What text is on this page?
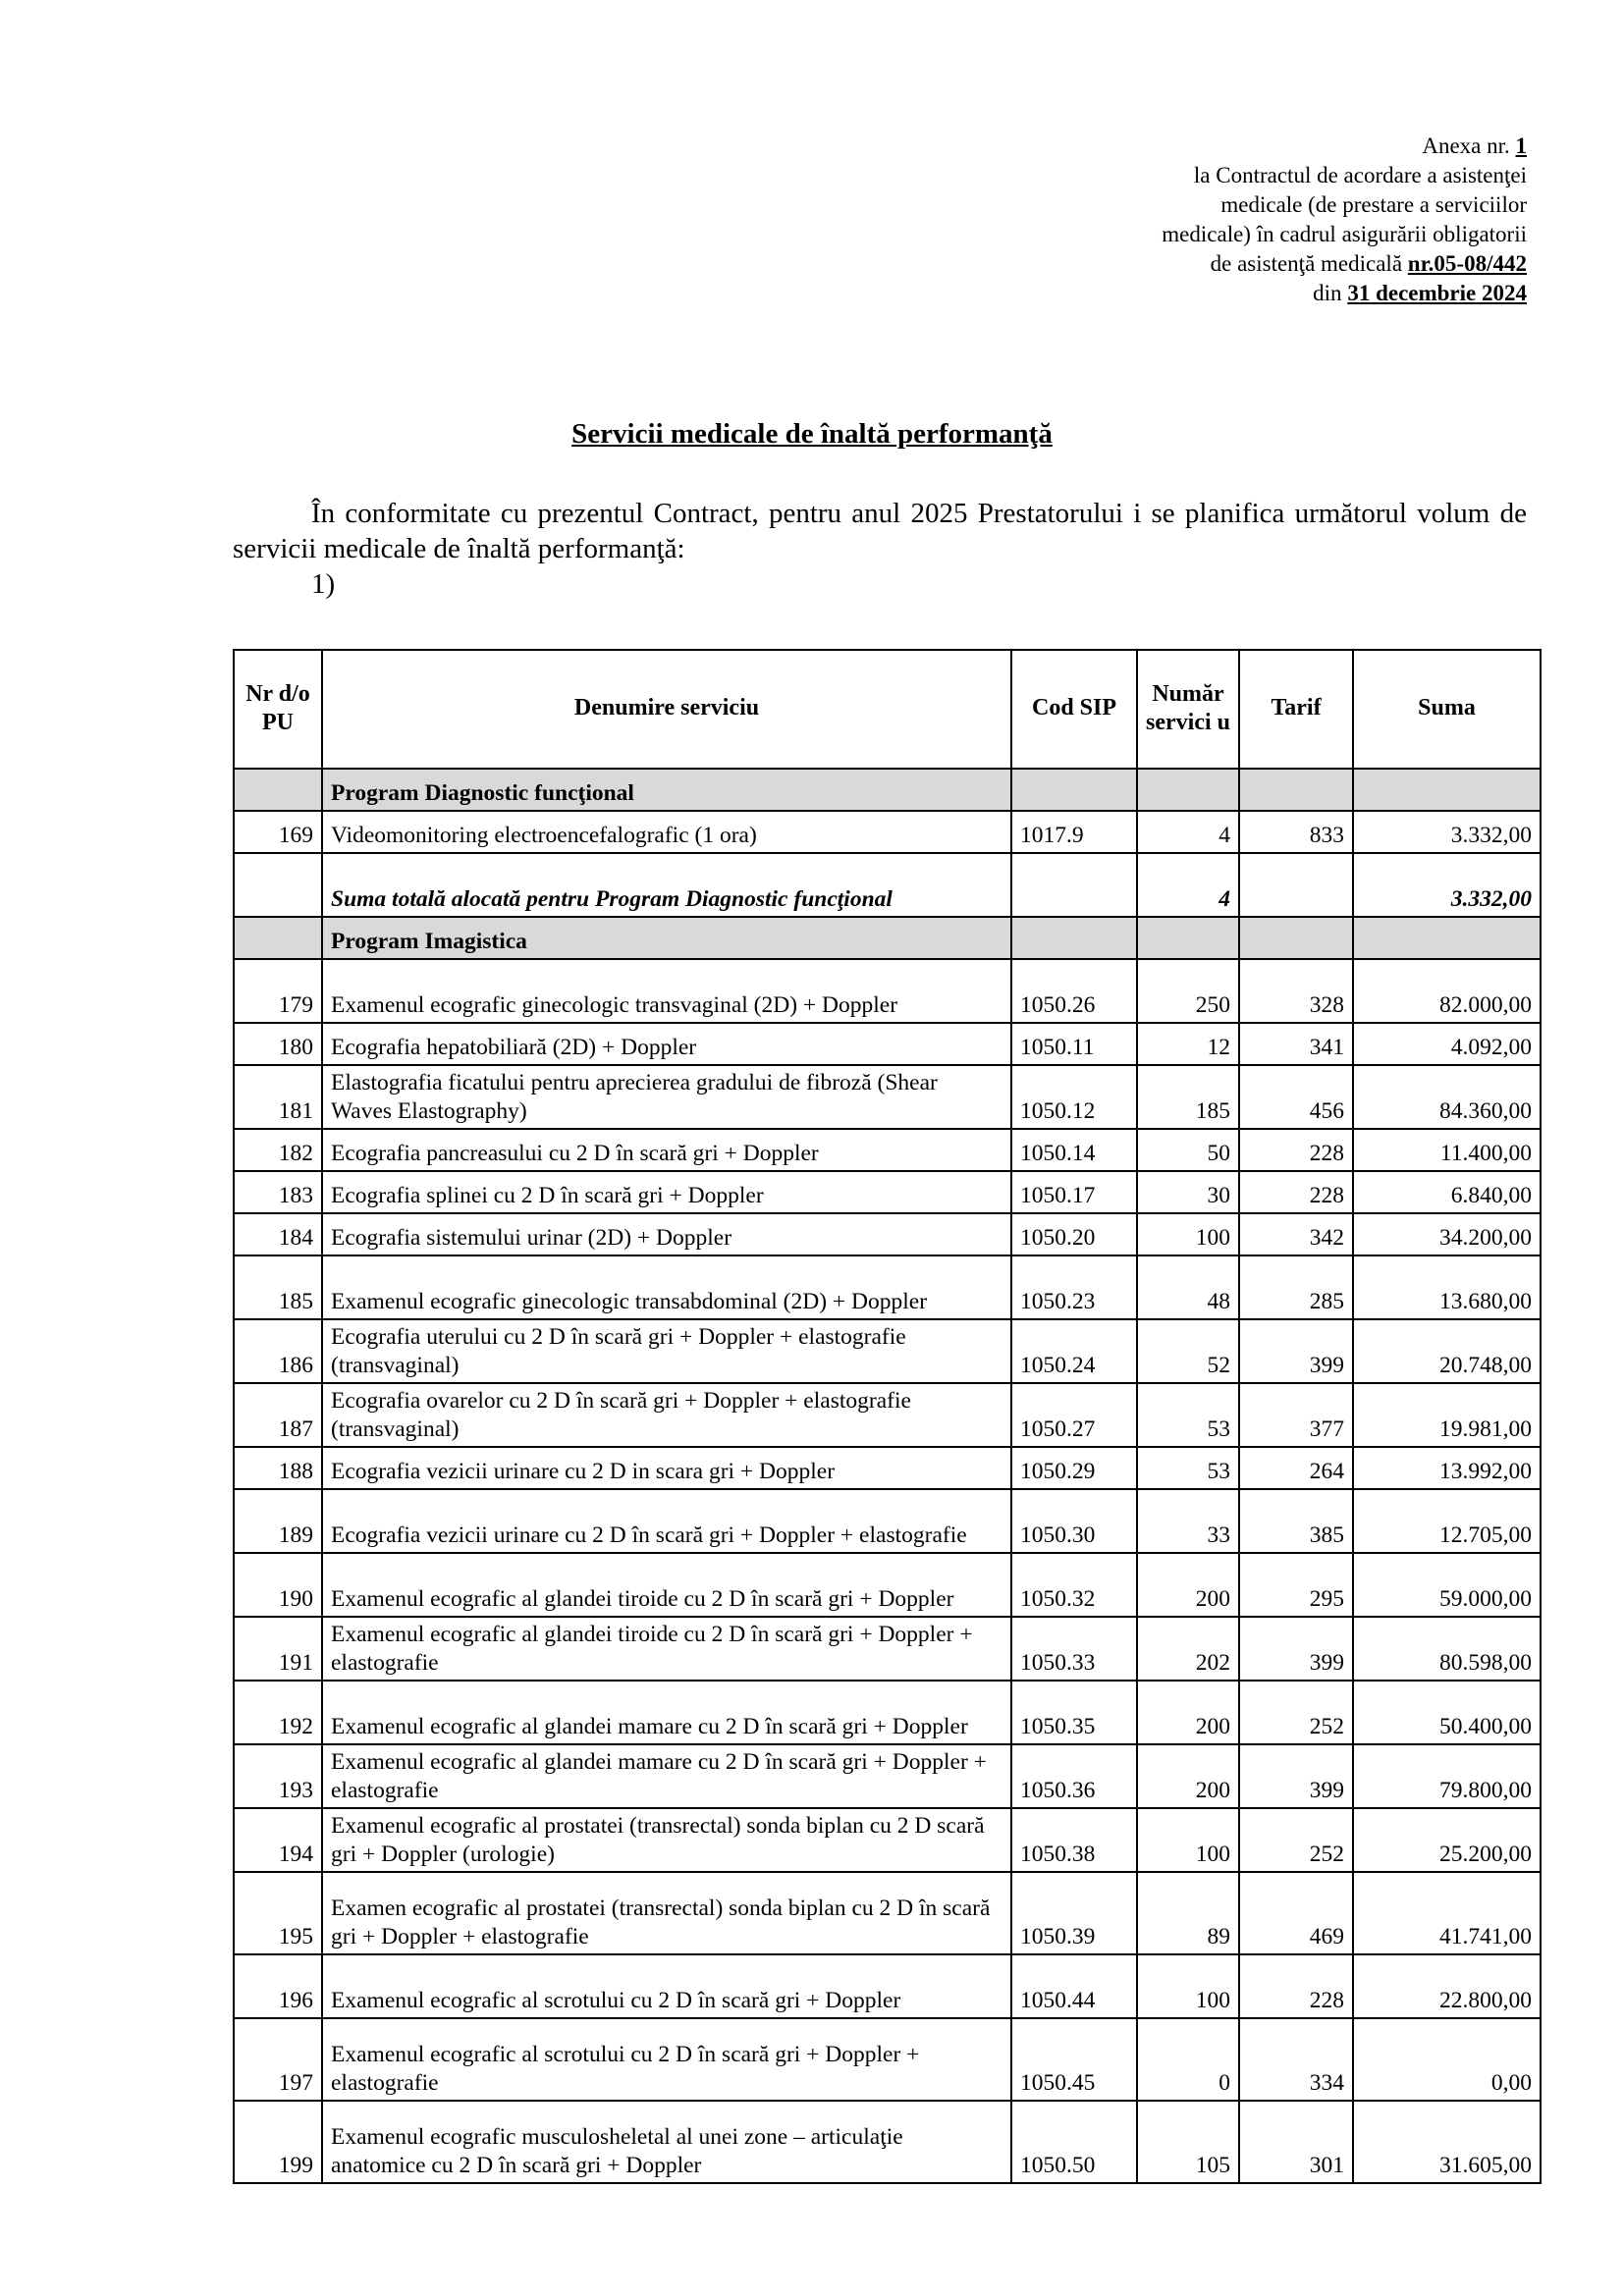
Anexa nr. 1
la Contractul de acordare a asistenţei
medicale (de prestare a serviciilor
medicale) în cadrul asigurării obligatorii
de asistenţă medicală nr.05-08/442
din 31 decembrie 2024
Servicii medicale de înaltă performanţă
În conformitate cu prezentul Contract, pentru anul 2025 Prestatorului i se planifica următorul volum de servicii medicale de înaltă performanţă:
1)
Nr d/o PU	Denumire serviciu	Cod SIP	Număr servici u	Tarif	Suma
	Program Diagnostic funcţional				
169	Videomonitoring electroencefalografic (1 ora)	1017.9	4	833	3.332,00
	Suma totală alocată pentru Program Diagnostic funcţional		4		3.332,00
	Program Imagistica				
179	Examenul ecografic ginecologic transvaginal (2D) + Doppler	1050.26	250	328	82.000,00
180	Ecografia hepatobiliară (2D) + Doppler	1050.11	12	341	4.092,00
181	Elastografia ficatului pentru aprecierea gradului de fibroză (Shear Waves Elastography)	1050.12	185	456	84.360,00
182	Ecografia pancreasului cu 2 D în scară gri + Doppler	1050.14	50	228	11.400,00
183	Ecografia splinei cu 2 D în scară gri + Doppler	1050.17	30	228	6.840,00
184	Ecografia sistemului urinar (2D) + Doppler	1050.20	100	342	34.200,00
185	Examenul ecografic ginecologic transabdominal (2D) + Doppler	1050.23	48	285	13.680,00
186	Ecografia uterului cu 2 D în scară gri + Doppler + elastografie (transvaginal)	1050.24	52	399	20.748,00
187	Ecografia ovarelor cu 2 D în scară gri + Doppler + elastografie (transvaginal)	1050.27	53	377	19.981,00
188	Ecografia vezicii urinare cu 2 D in scara gri + Doppler	1050.29	53	264	13.992,00
189	Ecografia vezicii urinare cu 2 D în scară gri + Doppler + elastografie	1050.30	33	385	12.705,00
190	Examenul ecografic al glandei tiroide cu 2 D în scară gri + Doppler	1050.32	200	295	59.000,00
191	Examenul ecografic al glandei tiroide cu 2 D în scară gri + Doppler + elastografie	1050.33	202	399	80.598,00
192	Examenul ecografic al glandei mamare cu 2 D în scară gri + Doppler	1050.35	200	252	50.400,00
193	Examenul ecografic al glandei mamare cu 2 D în scară gri + Doppler + elastografie	1050.36	200	399	79.800,00
194	Examenul ecografic al prostatei (transrectal) sonda biplan cu 2 D scară gri + Doppler (urologie)	1050.38	100	252	25.200,00
195	Examen ecografic al prostatei (transrectal) sonda biplan cu 2 D în scară gri + Doppler + elastografie	1050.39	89	469	41.741,00
196	Examenul ecografic al scrotului cu 2 D în scară gri + Doppler	1050.44	100	228	22.800,00
197	Examenul ecografic al scrotului cu 2 D în scară gri + Doppler + elastografie	1050.45	0	334	0,00
199	Examenul ecografic musculosheletal al unei zone – articulaţie anatomice cu 2 D în scară gri + Doppler	1050.50	105	301	31.605,00
